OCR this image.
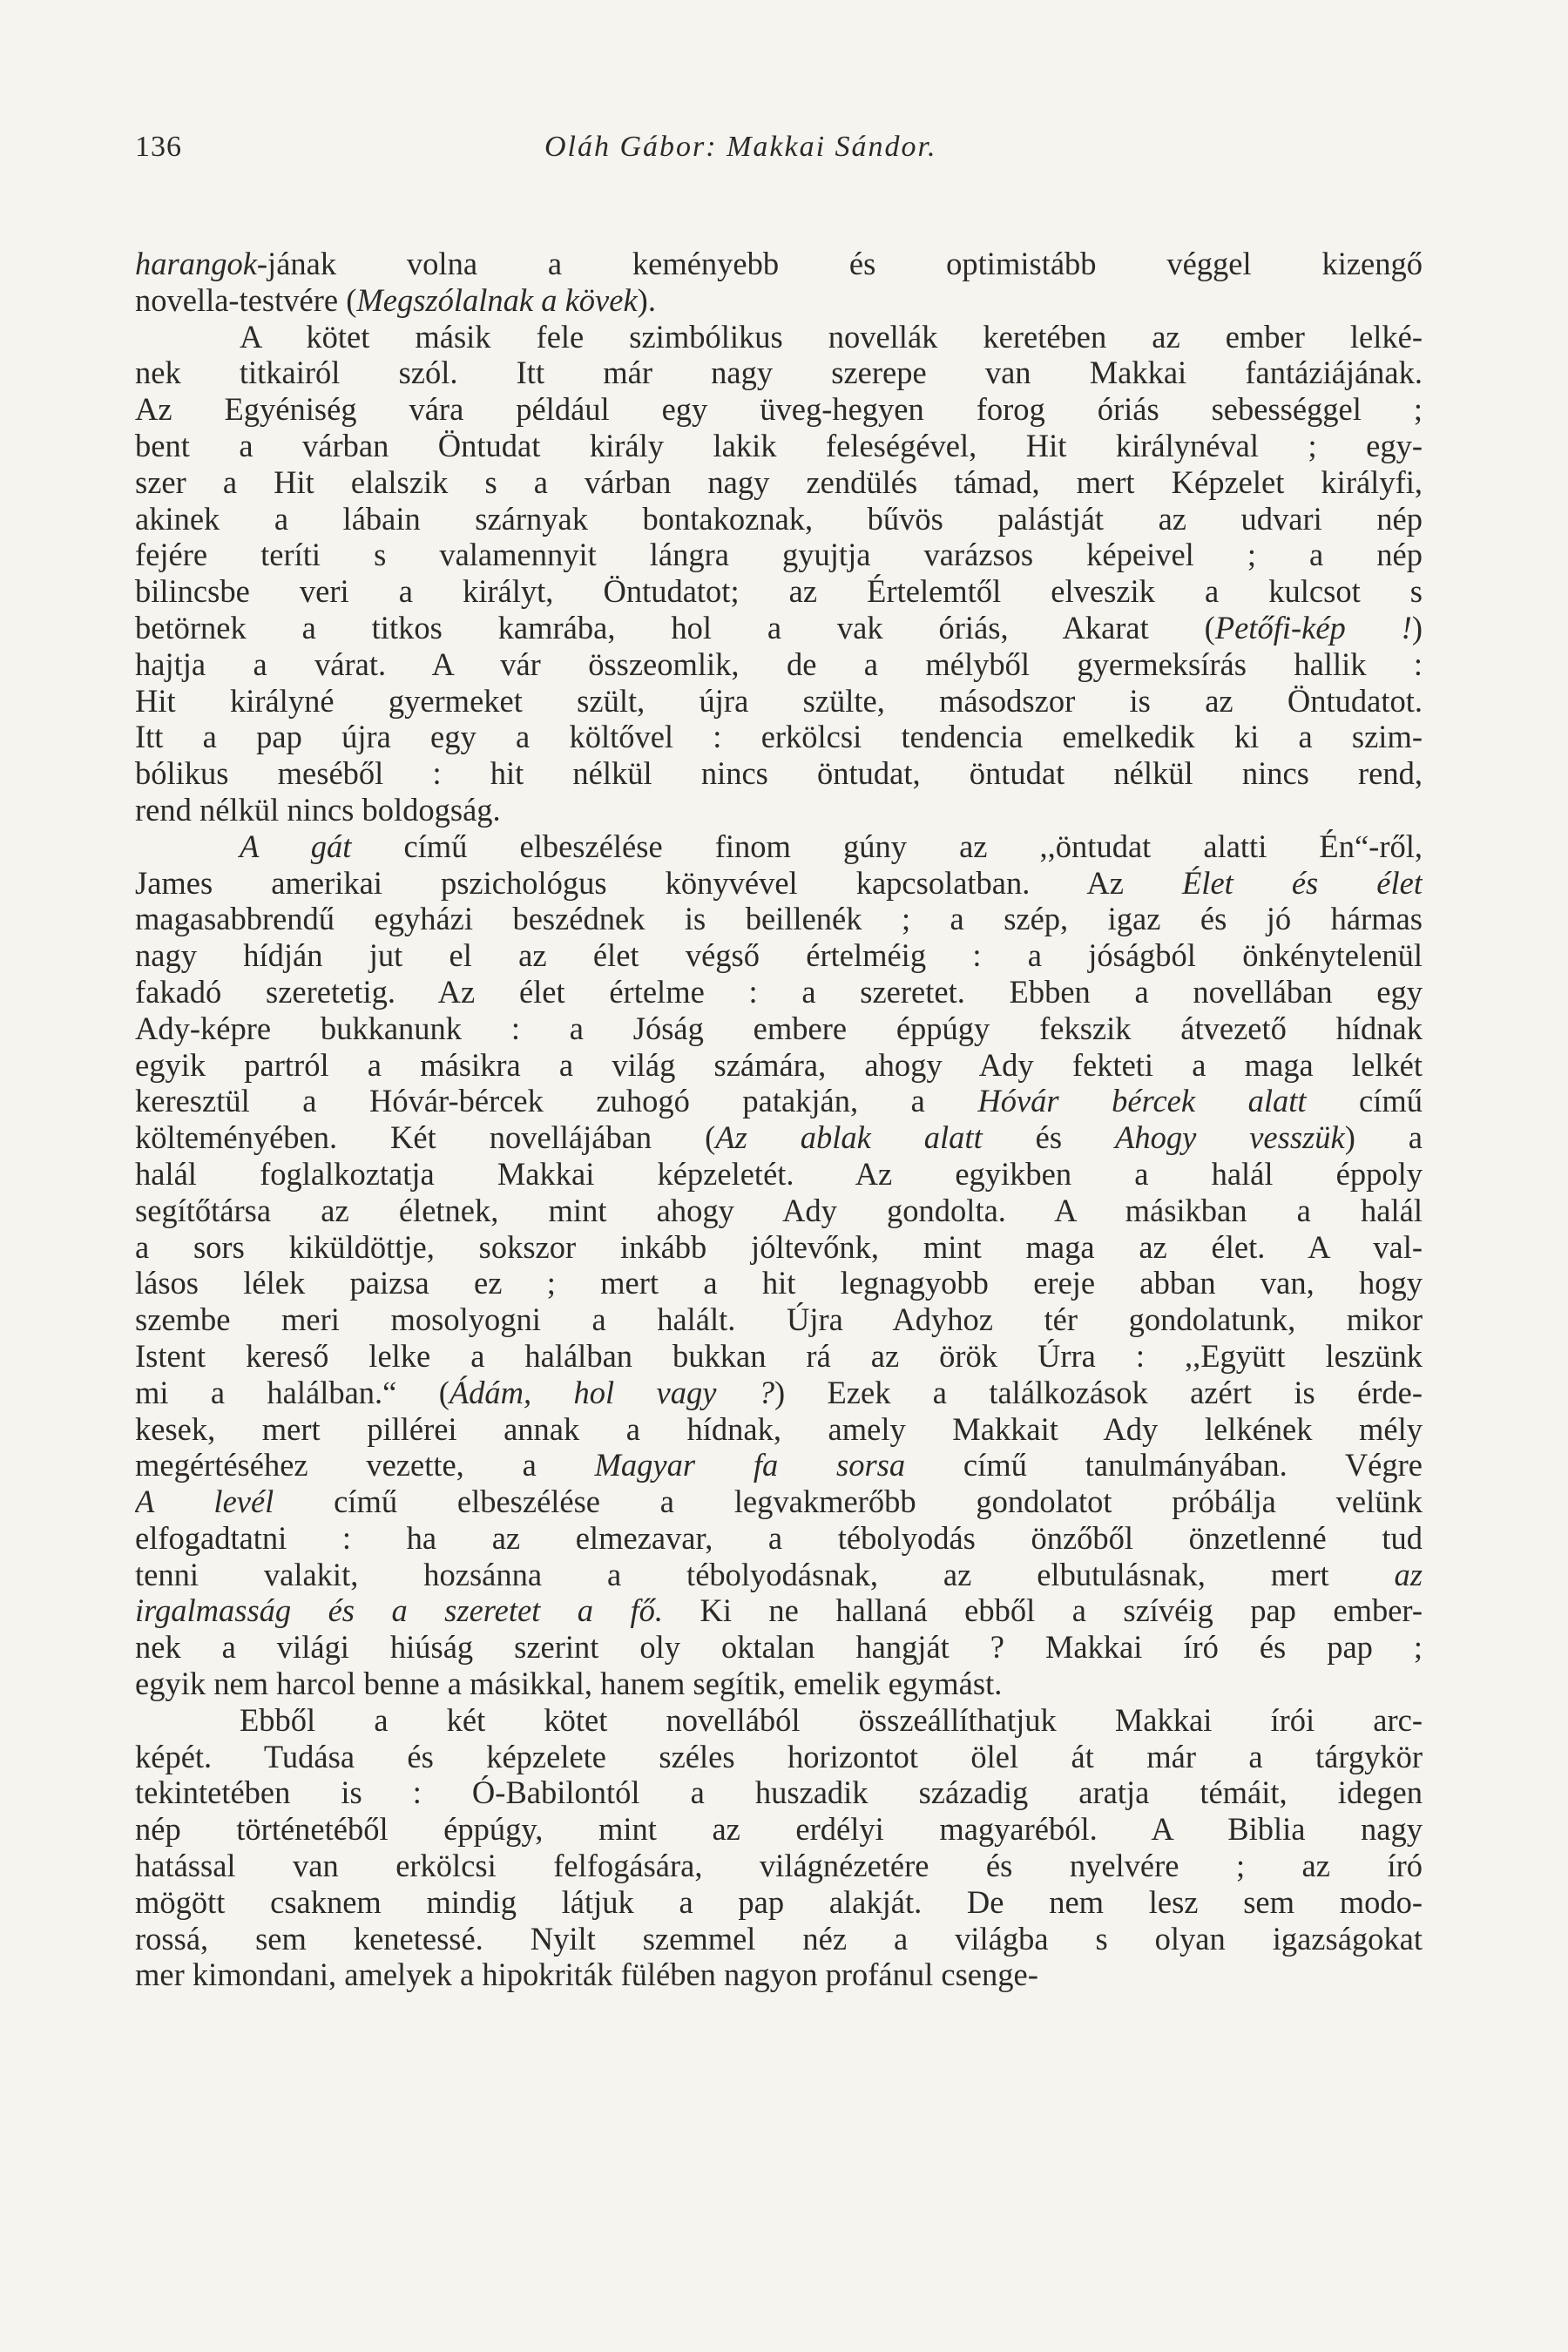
136	Oláh Gábor: Makkai Sándor.
harangok-jának volna a keményebb és optimistább véggel kizengő
novella-testvére (Megszólalnak a kövek).
A kötet másik fele szimbólikus novellák keretében az ember lelké-
nek titkairól szól. Itt már nagy szerepe van Makkai fantáziájának.
Az Egyéniség vára például egy üveg-hegyen forog óriás sebességgel ;
bent a várban Öntudat király lakik feleségével, Hit királynéval ; egy-
szer a Hit elalszik s a várban nagy zendülés támad, mert Képzelet királyfi,
akinek a lábain szárnyak bontakoznak, bűvös palástját az udvari nép
fejére teríti s valamennyit lángra gyujtja varázsos képeivel ; a nép
bilincsbe veri a királyt, Öntudatot; az Értelemtől elveszik a kulcsot s
betörnek a titkos kamrába, hol a vak óriás, Akarat (Petőfi-kép !)
hajtja a várat. A vár összeomlik, de a mélyből gyermeksírás hallik :
Hit királyné gyermeket szült, újra szülte, másodszor is az Öntudatot.
Itt a pap újra egy a költővel : erkölcsi tendencia emelkedik ki a szim-
bólikus meséből : hit nélkül nincs öntudat, öntudat nélkül nincs rend,
rend nélkül nincs boldogság.
A gát című elbeszélése finom gúny az ,,öntudat alatti Én“-ről,
James amerikai pszichológus könyvével kapcsolatban. Az Élet és élet
magasabbrendű egyházi beszédnek is beillenék ; a szép, igaz és jó hármas
nagy hídján jut el az élet végső értelméig : a jóságból önkénytelenül
fakadó szeretetig. Az élet értelme : a szeretet. Ebben a novellában egy
Ady-képre bukkanunk : a Jóság embere éppúgy fekszik átvezető hídnak
egyik partról a másikra a világ számára, ahogy Ady fekteti a maga lelkét
keresztül a Hóvár-bércek zuhogó patakján, a Hóvár bércek alatt című
költeményében. Két novellájában (Az ablak alatt és Ahogy vesszük) a
halál foglalkoztatja Makkai képzeletét. Az egyikben a halál éppoly
segítőtársa az életnek, mint ahogy Ady gondolta. A másikban a halál
a sors kiküldöttje, sokszor inkább jóltevőnk, mint maga az élet. A val-
lásos lélek paizsa ez ; mert a hit legnagyobb ereje abban van, hogy
szembe meri mosolyogni a halált. Újra Adyhoz tér gondolatunk, mikor
Istent kereső lelke a halálban bukkan rá az örök Úrra : ,,Együtt leszünk
mi a halálban.“ (Ádám, hol vagy ?) Ezek a találkozások azért is érde-
kesek, mert pillérei annak a hídnak, amely Makkait Ady lelkének mély
megértéséhez vezette, a Magyar fa sorsa című tanulmányában. Végre
A levél című elbeszélése a legvakmerőbb gondolatot próbálja velünk
elfogadtatni : ha az elmezavar, a tébolyodás önzőből önzetlenné tud
tenni valakit, hozsánna a tébolyodásnak, az elbutulásnak, mert az
irgalmasság és a szeretet a fő. Ki ne hallaná ebből a szívéig pap ember-
nek a világi hiúság szerint oly oktalan hangját ? Makkai író és pap ;
egyik nem harcol benne a másikkal, hanem segítik, emelik egymást.
Ebből a két kötet novellából összeállíthatjuk Makkai írói arc-
képét. Tudása és képzelete széles horizontot ölel át már a tárgykör
tekintetében is : Ó-Babilontól a huszadik századig aratja témáit, idegen
nép történetéből éppúgy, mint az erdélyi magyaréból. A Biblia nagy
hatással van erkölcsi felfogására, világnézetére és nyelvére ; az író
mögött csaknem mindig látjuk a pap alakját. De nem lesz sem modo-
rossá, sem kenetessé. Nyilt szemmel néz a világba s olyan igazságokat
mer kimondani, amelyek a hipokriták fülében nagyon profánul csenge-
